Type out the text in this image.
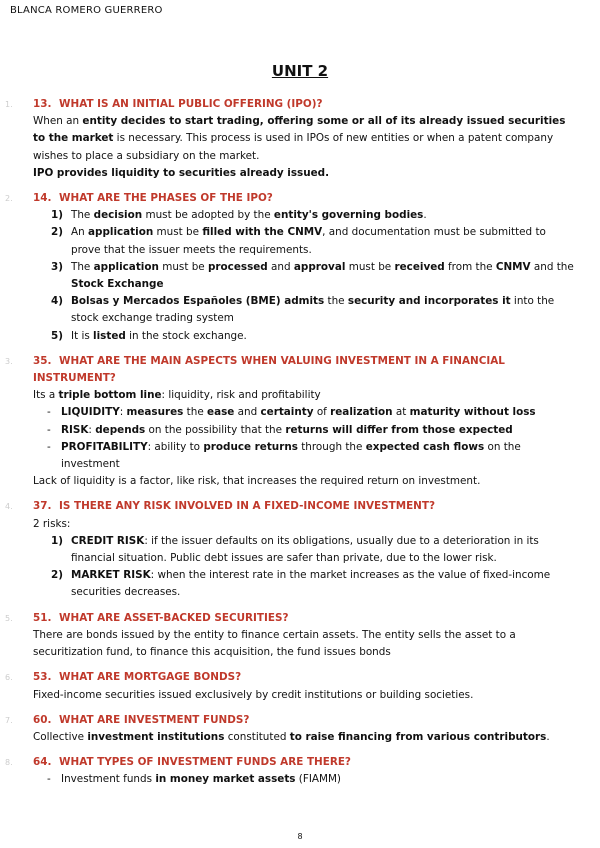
BLANCA ROMERO GUERRERO
UNIT 2
1. 13. WHAT IS AN INITIAL PUBLIC OFFERING (IPO)?

When an entity decides to start trading, offering some or all of its already issued securities to the market is necessary. This process is used in IPOs of new entities or when a patent company wishes to place a subsidiary on the market.

IPO provides liquidity to securities already issued.

2. 14. WHAT ARE THE PHASES OF THE IPO?
1) The decision must be adopted by the entity's governing bodies.
2) An application must be filled with the CNMV, and documentation must be submitted to prove that the issuer meets the requirements.
3) The application must be processed and approval must be received from the CNMV and the Stock Exchange
4) Bolsas y Mercados Españoles (BME) admits the security and incorporates it into the stock exchange trading system
5) It is listed in the stock exchange.
3. 35. WHAT ARE THE MAIN ASPECTS WHEN VALUING INVESTMENT IN A FINANCIAL INSTRUMENT?

Its a triple bottom line: liquidity, risk and profitability

- LIQUIDITY: measures the ease and certainty of realization at maturity without loss
- RISK: depends on the possibility that the returns will differ from those expected
- PROFITABILITY: ability to produce returns through the expected cash flows on the investment

Lack of liquidity is a factor, like risk, that increases the required return on investment.

4. 37. IS THERE ANY RISK INVOLVED IN A FIXED-INCOME INVESTMENT?

2 risks:

1) CREDIT RISK: if the issuer defaults on its obligations, usually due to a deterioration in its financial situation. Public debt issues are safer than private, due to the lower risk.
2) MARKET RISK: when the interest rate in the market increases as the value of fixed-income securities decreases.
5. 51. WHAT ARE ASSET-BACKED SECURITIES?

There are bonds issued by the entity to finance certain assets. The entity sells the asset to a securitization fund, to finance this acquisition, the fund issues bonds

6. 53. WHAT ARE MORTGAGE BONDS?

Fixed-income securities issued exclusively by credit institutions or building societies.

7. 60. WHAT ARE INVESTMENT FUNDS?

Collective investment institutions constituted to raise financing from various contributors.

8. 64. WHAT TYPES OF INVESTMENT FUNDS ARE THERE?
- Investment funds in money market assets (FIAMM)
8
